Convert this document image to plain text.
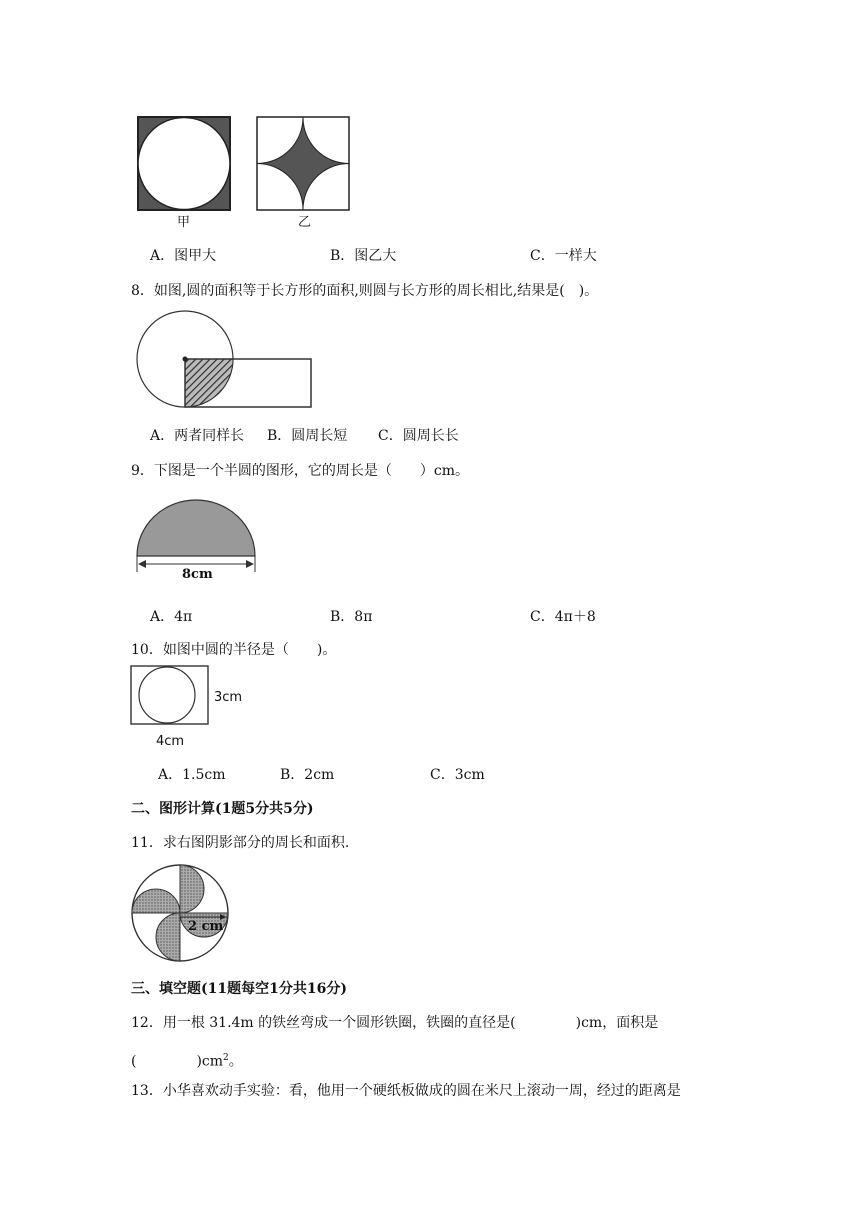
甲	乙
A．图甲大	B．图乙大	C．一样大
8．如图,圆的面积等于长方形的面积,则圆与长方形的周长相比,结果是(　)。
A．两者同样长 B．圆周长短 C．圆周长长
9．下图是一个半圆的图形，它的周长是（　　）cm。
8cm
A．4π	B．8π	C．4π＋8
10．如图中圆的半径是（　　)。
3cm
4cm
A．1.5cm	B．2cm	C．3cm
二、图形计算(1题5分共5分)
11．求右图阴影部分的周长和面积.
2 cm
三、填空题(11题每空1分共16分)
12．用一根 31.4m 的铁丝弯成一个圆形铁圈，铁圈的直径是(	)cm，面积是
(	)$cm^2$。
13．小华喜欢动手实验：看，他用一个硬纸板做成的圆在米尺上滚动一周，经过的距离是
